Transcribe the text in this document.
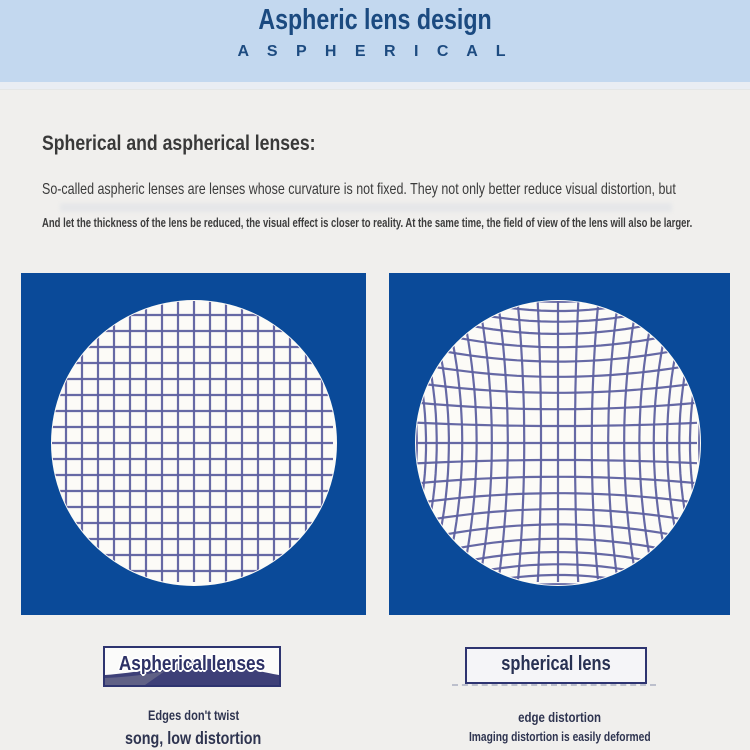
Aspheric lens design
A S P H E R I C A L
Spherical and aspherical lenses:
So-called aspheric lenses are lenses whose curvature is not fixed. They not only better reduce visual distortion, but
And let the thickness of the lens be reduced, the visual effect is closer to reality. At the same time, the field of view of the lens will also be larger.
Aspherical lenses	spherical lens
Edges don't twist
song, low distortion
edge distortion
Imaging distortion is easily deformed
